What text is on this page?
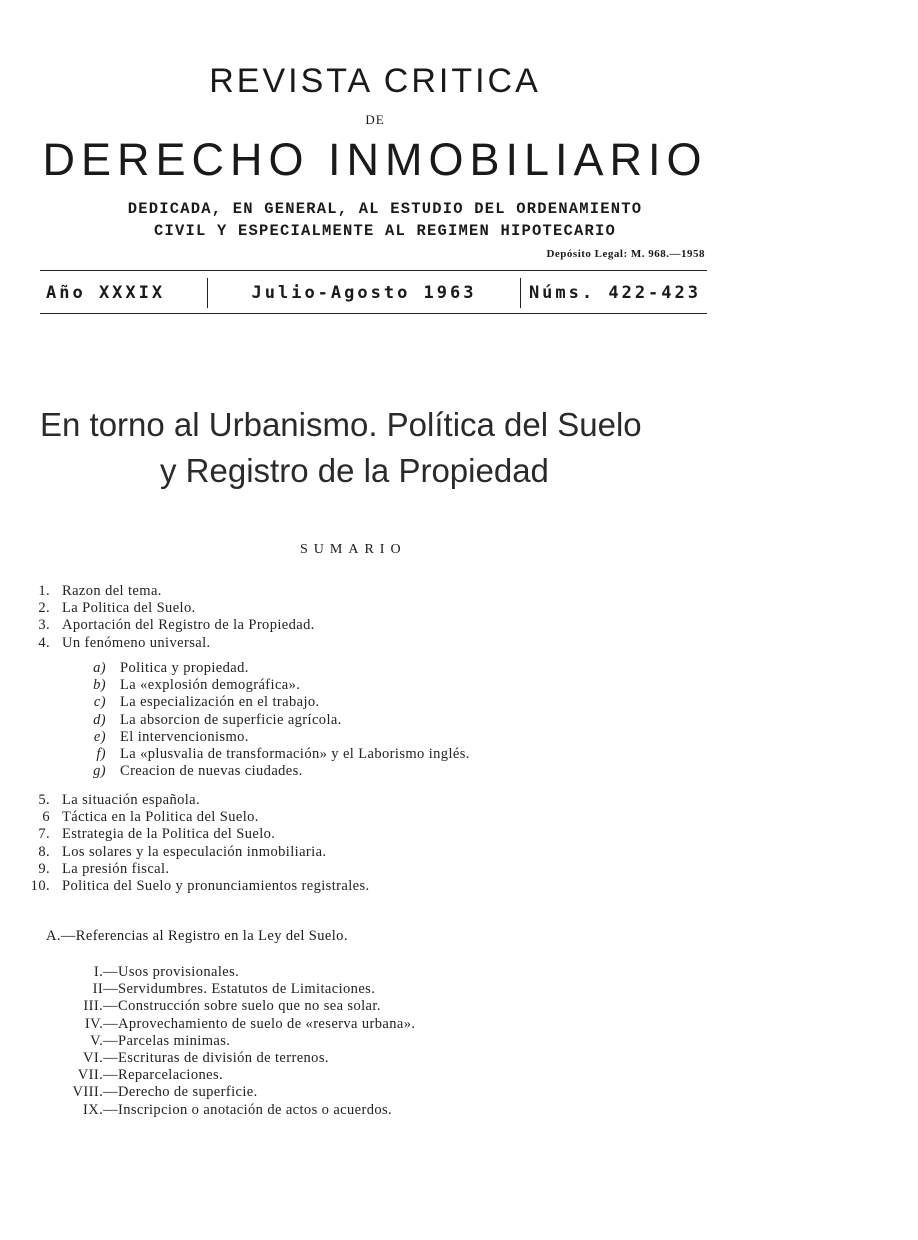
REVISTA CRITICA
DE
DERECHO INMOBILIARIO
DEDICADA, EN GENERAL, AL ESTUDIO DEL ORDENAMIENTO
CIVIL Y ESPECIALMENTE AL REGIMEN HIPOTECARIO
Depósito Legal: M. 968.—1958
Año XXXIX	Julio-Agosto 1963	Núms. 422-423
En torno al Urbanismo. Política del Suelo
y Registro de la Propiedad
SUMARIO
1. Razon del tema.
2. La Politica del Suelo.
3. Aportación del Registro de la Propiedad.
4. Un fenómeno universal.
a) Politica y propiedad.
b) La «explosión demográfica».
c) La especialización en el trabajo.
d) La absorcion de superficie agrícola.
e) El intervencionismo.
f) La «plusvalia de transformación» y el Laborismo inglés.
g) Creacion de nuevas ciudades.
5. La situación española.
6 Táctica en la Politica del Suelo.
7. Estrategia de la Politica del Suelo.
8. Los solares y la especulación inmobiliaria.
9. La presión fiscal.
10. Politica del Suelo y pronunciamientos registrales.
A.—Referencias al Registro en la Ley del Suelo.
I.— Usos provisionales.
II— Servidumbres. Estatutos de Limitaciones.
III.— Construcción sobre suelo que no sea solar.
IV.— Aprovechamiento de suelo de «reserva urbana».
V.— Parcelas minimas.
VI.— Escrituras de división de terrenos.
VII.— Reparcelaciones.
VIII.— Derecho de superficie.
IX.— Inscripcion o anotación de actos o acuerdos.
